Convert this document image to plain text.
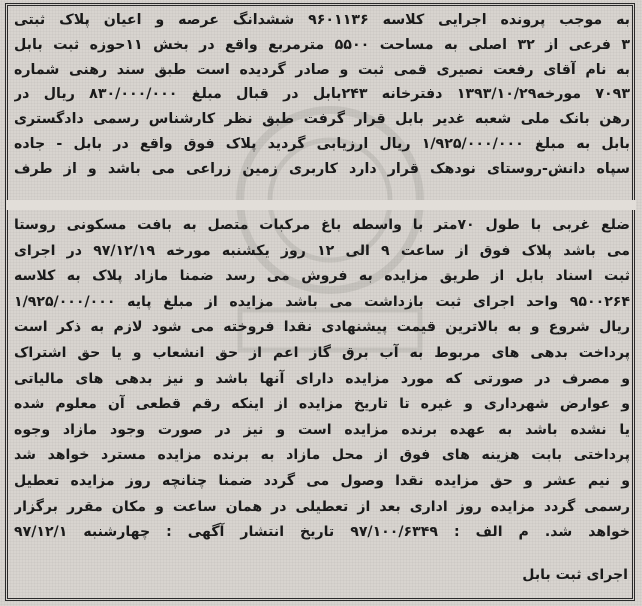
به موجب پرونده اجرایی کلاسه ۹۶۰۱۱۳۶ ششدانگ عرصه و اعیان پلاک ثبتی
۳ فرعی از ۳۲ اصلی به مساحت ۵۵۰۰ مترمربع واقع در بخش ۱۱حوزه ثبت بابل
به نام آقای رفعت نصیری قمی ثبت و صادر گردیده است طبق سند رهنی شماره
۷۰۹۳ مورخه۱۳۹۳/۱۰/۲۹ دفترخانه ۲۴۳بابل در قبال مبلغ ۸۳۰/۰۰۰/۰۰۰ ریال در
رهن بانک ملی شعبه غدیر بابل قرار گرفت طبق نظر کارشناس رسمی دادگستری
بابل به مبلغ ۱/۹۲۵/۰۰۰/۰۰۰ ریال ارزیابی گردید پلاک فوق واقع در بابل - جاده
سپاه دانش-روستای نودهک قرار دارد کاربری زمین زراعی می باشد و از طرف
ضلع غربی با طول ۷۰متر با واسطه باغ مرکبات متصل به بافت مسکونی روستا
می باشد پلاک فوق از ساعت ۹ الی ۱۲ روز یکشنبه مورخه ۹۷/۱۲/۱۹ در اجرای
ثبت اسناد بابل از طریق مزایده به فروش می رسد ضمنا مازاد پلاک به کلاسه
۹۵۰۰۲۶۴ واحد اجرای ثبت بازداشت می باشد مزایده از مبلغ پایه ۱/۹۲۵/۰۰۰/۰۰۰
ریال شروع و به بالاترین قیمت پیشنهادی نقدا فروخته می شود لازم به ذکر است
پرداخت بدهی های مربوط به آب برق گاز اعم از حق انشعاب و یا حق اشتراک
و مصرف در صورتی که مورد مزایده دارای آنها باشد و نیز بدهی های مالیاتی
و عوارض شهرداری و غیره تا تاریخ مزایده از اینکه رقم قطعی آن معلوم شده
یا نشده باشد به عهده برنده مزایده است و نیز در صورت وجود مازاد وجوه
پرداختی بابت هزینه های فوق از محل مازاد به برنده مزایده مسترد خواهد شد
و نیم عشر و حق مزایده نقدا وصول می گردد ضمنا چنانچه روز مزایده تعطیل
رسمی گردد مزایده روز اداری بعد از تعطیلی در همان ساعت و مکان مقرر برگزار
خواهد شد. م الف : ۹۷/۱۰۰/۶۳۴۹ تاریخ انتشار آگهی : چهارشنبه ۹۷/۱۲/۱
اجرای ثبت بابل
